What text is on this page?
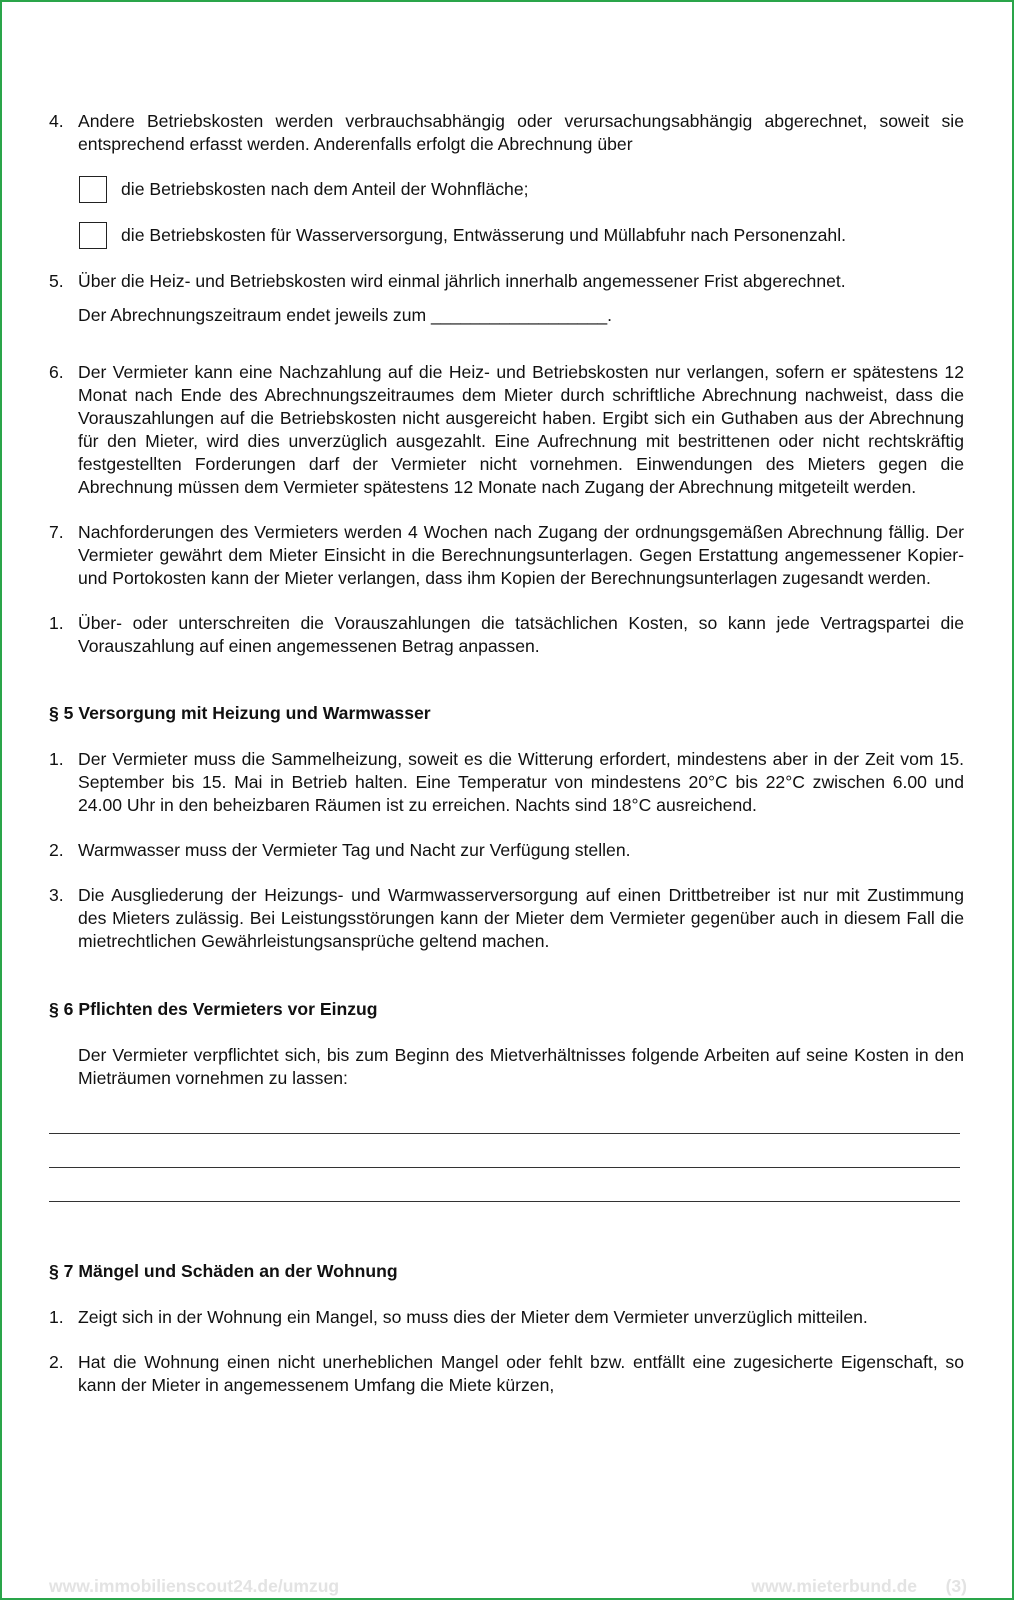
4. Andere Betriebskosten werden verbrauchsabhängig oder verursachungsabhängig abgerechnet, soweit sie entsprechend erfasst werden. Anderenfalls erfolgt die Abrechnung über
die Betriebskosten nach dem Anteil der Wohnfläche;
die Betriebskosten für Wasserversorgung, Entwässerung und Müllabfuhr nach Personenzahl.
5. Über die Heiz- und Betriebskosten wird einmal jährlich innerhalb angemessener Frist abgerechnet.
Der Abrechnungszeitraum endet jeweils zum __________________.
6. Der Vermieter kann eine Nachzahlung auf die Heiz- und Betriebskosten nur verlangen, sofern er spätestens 12 Monat nach Ende des Abrechnungszeitraumes dem Mieter durch schriftliche Abrechnung nachweist, dass die Vorauszahlungen auf die Betriebskosten nicht ausgereicht haben. Ergibt sich ein Guthaben aus der Abrechnung für den Mieter, wird dies unverzüglich ausgezahlt. Eine Aufrechnung mit bestrittenen oder nicht rechtskräftig festgestellten Forderungen darf der Vermieter nicht vornehmen. Einwendungen des Mieters gegen die Abrechnung müssen dem Vermieter spätestens 12 Monate nach Zugang der Abrechnung mitgeteilt werden.
7. Nachforderungen des Vermieters werden 4 Wochen nach Zugang der ordnungsgemäßen Abrechnung fällig. Der Vermieter gewährt dem Mieter Einsicht in die Berechnungsunterlagen. Gegen Erstattung angemessener Kopier- und Portokosten kann der Mieter verlangen, dass ihm Kopien der Berechnungsunterlagen zugesandt werden.
1. Über- oder unterschreiten die Vorauszahlungen die tatsächlichen Kosten, so kann jede Vertragspartei die Vorauszahlung auf einen angemessenen Betrag anpassen.
§ 5 Versorgung mit Heizung und Warmwasser
1. Der Vermieter muss die Sammelheizung, soweit es die Witterung erfordert, mindestens aber in der Zeit vom 15. September bis 15. Mai in Betrieb halten. Eine Temperatur von mindestens 20°C bis 22°C zwischen 6.00 und 24.00 Uhr in den beheizbaren Räumen ist zu erreichen. Nachts sind 18°C ausreichend.
2. Warmwasser muss der Vermieter Tag und Nacht zur Verfügung stellen.
3. Die Ausgliederung der Heizungs- und Warmwasserversorgung auf einen Drittbetreiber ist nur mit Zustimmung des Mieters zulässig. Bei Leistungsstörungen kann der Mieter dem Vermieter gegenüber auch in diesem Fall die mietrechtlichen Gewährleistungsansprüche geltend machen.
§ 6 Pflichten des Vermieters vor Einzug
Der Vermieter verpflichtet sich, bis zum Beginn des Mietverhältnisses folgende Arbeiten auf seine Kosten in den Mieträumen vornehmen zu lassen:
§ 7 Mängel und Schäden an der Wohnung
1. Zeigt sich in der Wohnung ein Mangel, so muss dies der Mieter dem Vermieter unverzüglich mitteilen.
2. Hat die Wohnung einen nicht unerheblichen Mangel oder fehlt bzw. entfällt eine zugesicherte Eigenschaft, so kann der Mieter in angemessenem Umfang die Miete kürzen,
www.immobilienscout24.de/umzug	www.mieterbund.de (3)
